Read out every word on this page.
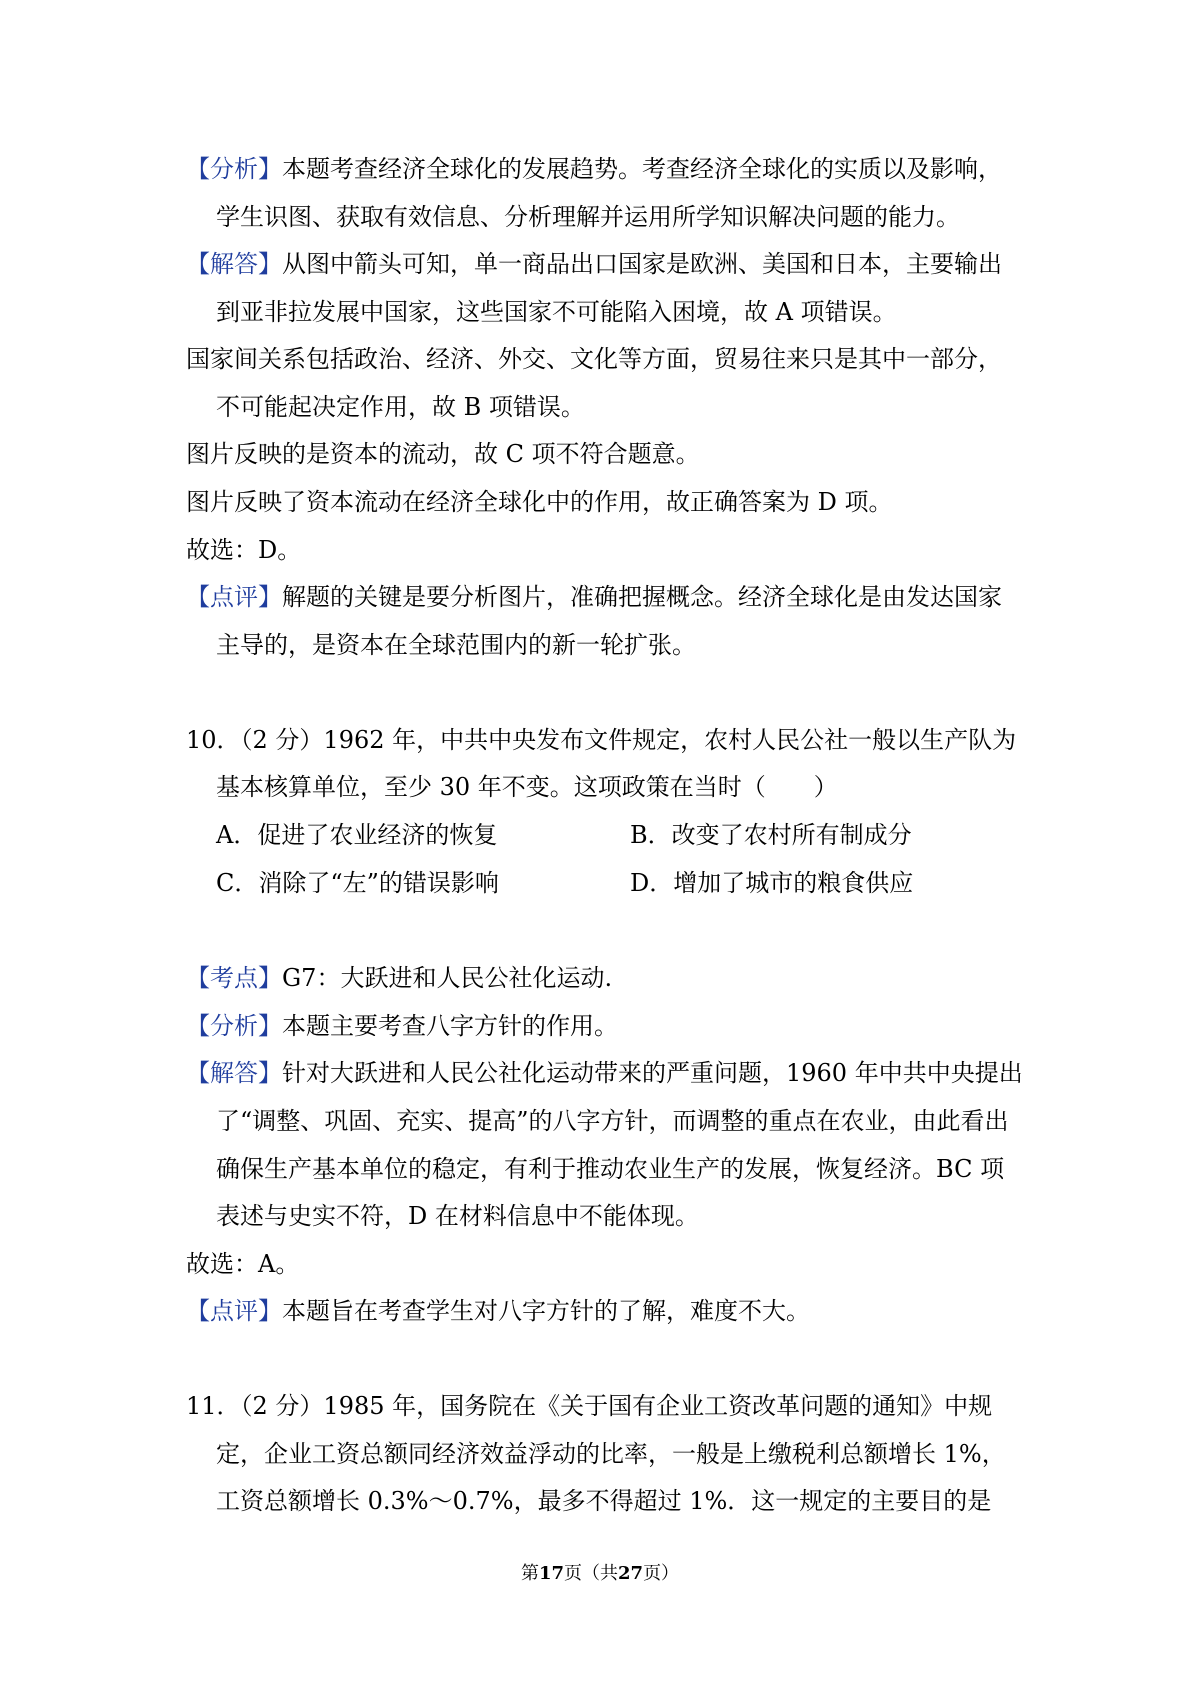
【分析】本题考查经济全球化的发展趋势。考查经济全球化的实质以及影响，
学生识图、获取有效信息、分析理解并运用所学知识解决问题的能力。
【解答】从图中箭头可知，单一商品出口国家是欧洲、美国和日本，主要输出
到亚非拉发展中国家，这些国家不可能陷入困境，故 A 项错误。
国家间关系包括政治、经济、外交、文化等方面，贸易往来只是其中一部分，
不可能起决定作用，故 B 项错误。
图片反映的是资本的流动，故 C 项不符合题意。
图片反映了资本流动在经济全球化中的作用，故正确答案为 D 项。
故选：D。
【点评】解题的关键是要分析图片，准确把握概念。经济全球化是由发达国家
主导的，是资本在全球范围内的新一轮扩张。
10．（2 分）1962 年，中共中央发布文件规定，农村人民公社一般以生产队为
基本核算单位，至少 30 年不变。这项政策在当时（　　）
A．促进了农业经济的恢复	B．改变了农村所有制成分
C．消除了“左”的错误影响	D．增加了城市的粮食供应
【考点】G7：大跃进和人民公社化运动.
【分析】本题主要考查八字方针的作用。
【解答】针对大跃进和人民公社化运动带来的严重问题，1960 年中共中央提出
了“调整、巩固、充实、提高”的八字方针，而调整的重点在农业，由此看出
确保生产基本单位的稳定，有利于推动农业生产的发展，恢复经济。BC 项
表述与史实不符，D 在材料信息中不能体现。
故选：A。
【点评】本题旨在考查学生对八字方针的了解，难度不大。
11．（2 分）1985 年，国务院在《关于国有企业工资改革问题的通知》中规
定，企业工资总额同经济效益浮动的比率，一般是上缴税利总额增长 1%，
工资总额增长 0.3%～0.7%，最多不得超过 1%．这一规定的主要目的是
第17页（共27页）
